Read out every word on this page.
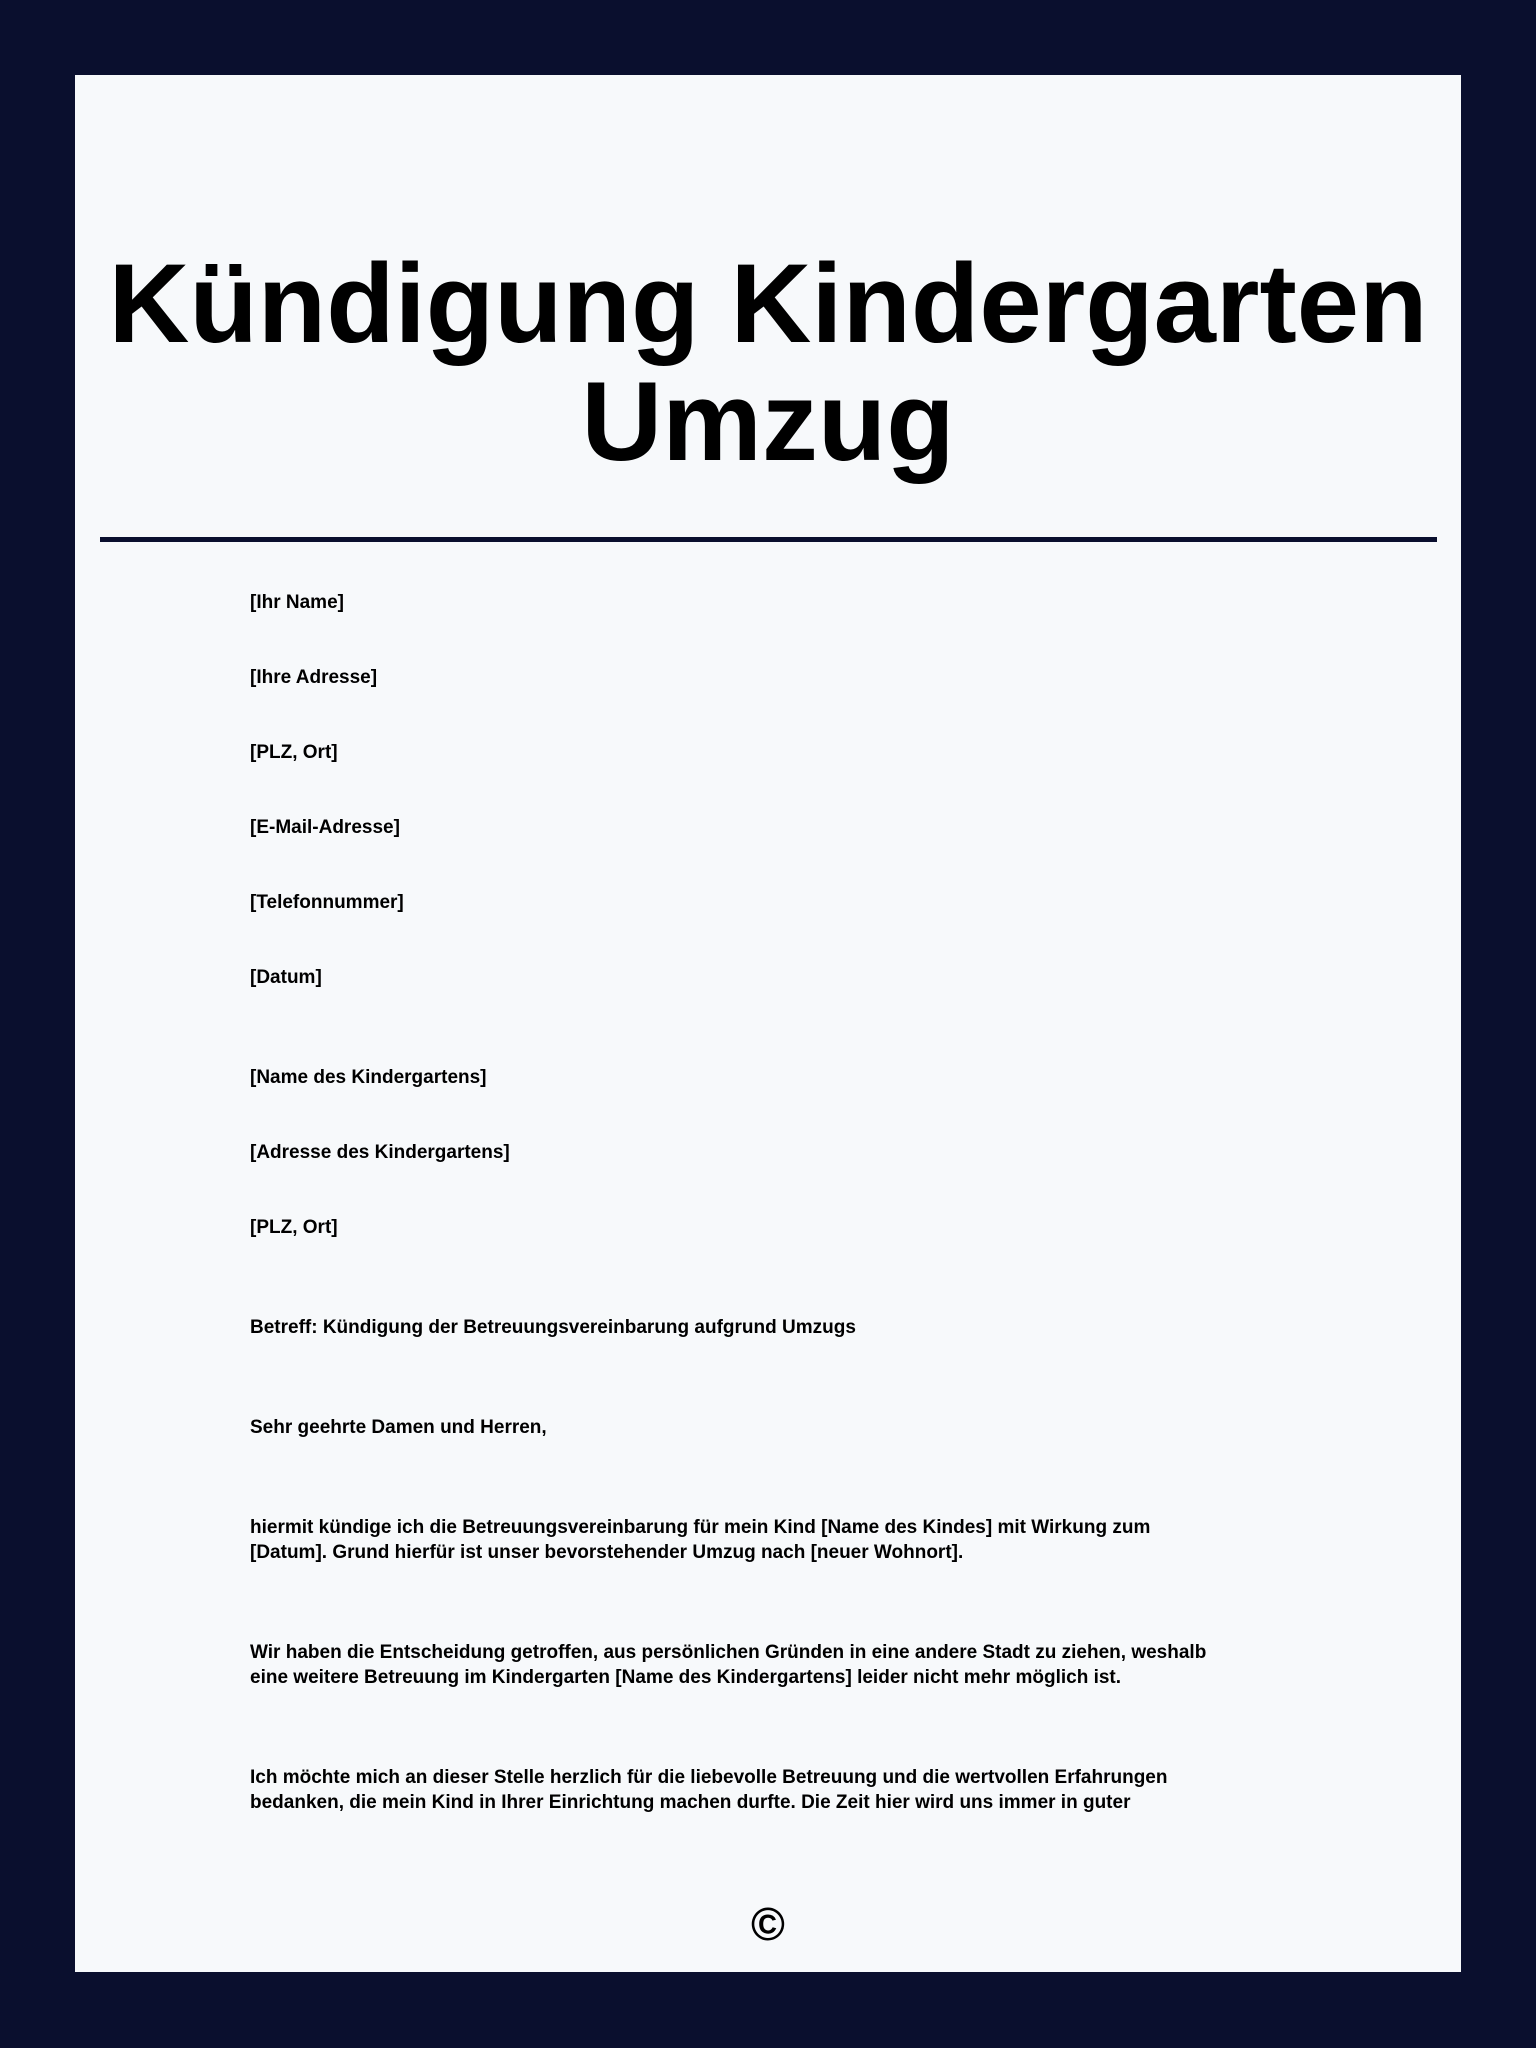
Kündigung Kindergarten
Umzug

[Ihr Name]

[Ihre Adresse]

[PLZ, Ort]

[E-Mail-Adresse]

[Telefonnummer]

[Datum]

[Name des Kindergartens]

[Adresse des Kindergartens]

[PLZ, Ort]

Betreff: Kündigung der Betreuungsvereinbarung aufgrund Umzugs

Sehr geehrte Damen und Herren,

hiermit kündige ich die Betreuungsvereinbarung für mein Kind [Name des Kindes] mit Wirkung zum
[Datum]. Grund hierfür ist unser bevorstehender Umzug nach [neuer Wohnort].

Wir haben die Entscheidung getroffen, aus persönlichen Gründen in eine andere Stadt zu ziehen, weshalb
eine weitere Betreuung im Kindergarten [Name des Kindergartens] leider nicht mehr möglich ist.

Ich möchte mich an dieser Stelle herzlich für die liebevolle Betreuung und die wertvollen Erfahrungen
bedanken, die mein Kind in Ihrer Einrichtung machen durfte. Die Zeit hier wird uns immer in guter

©
